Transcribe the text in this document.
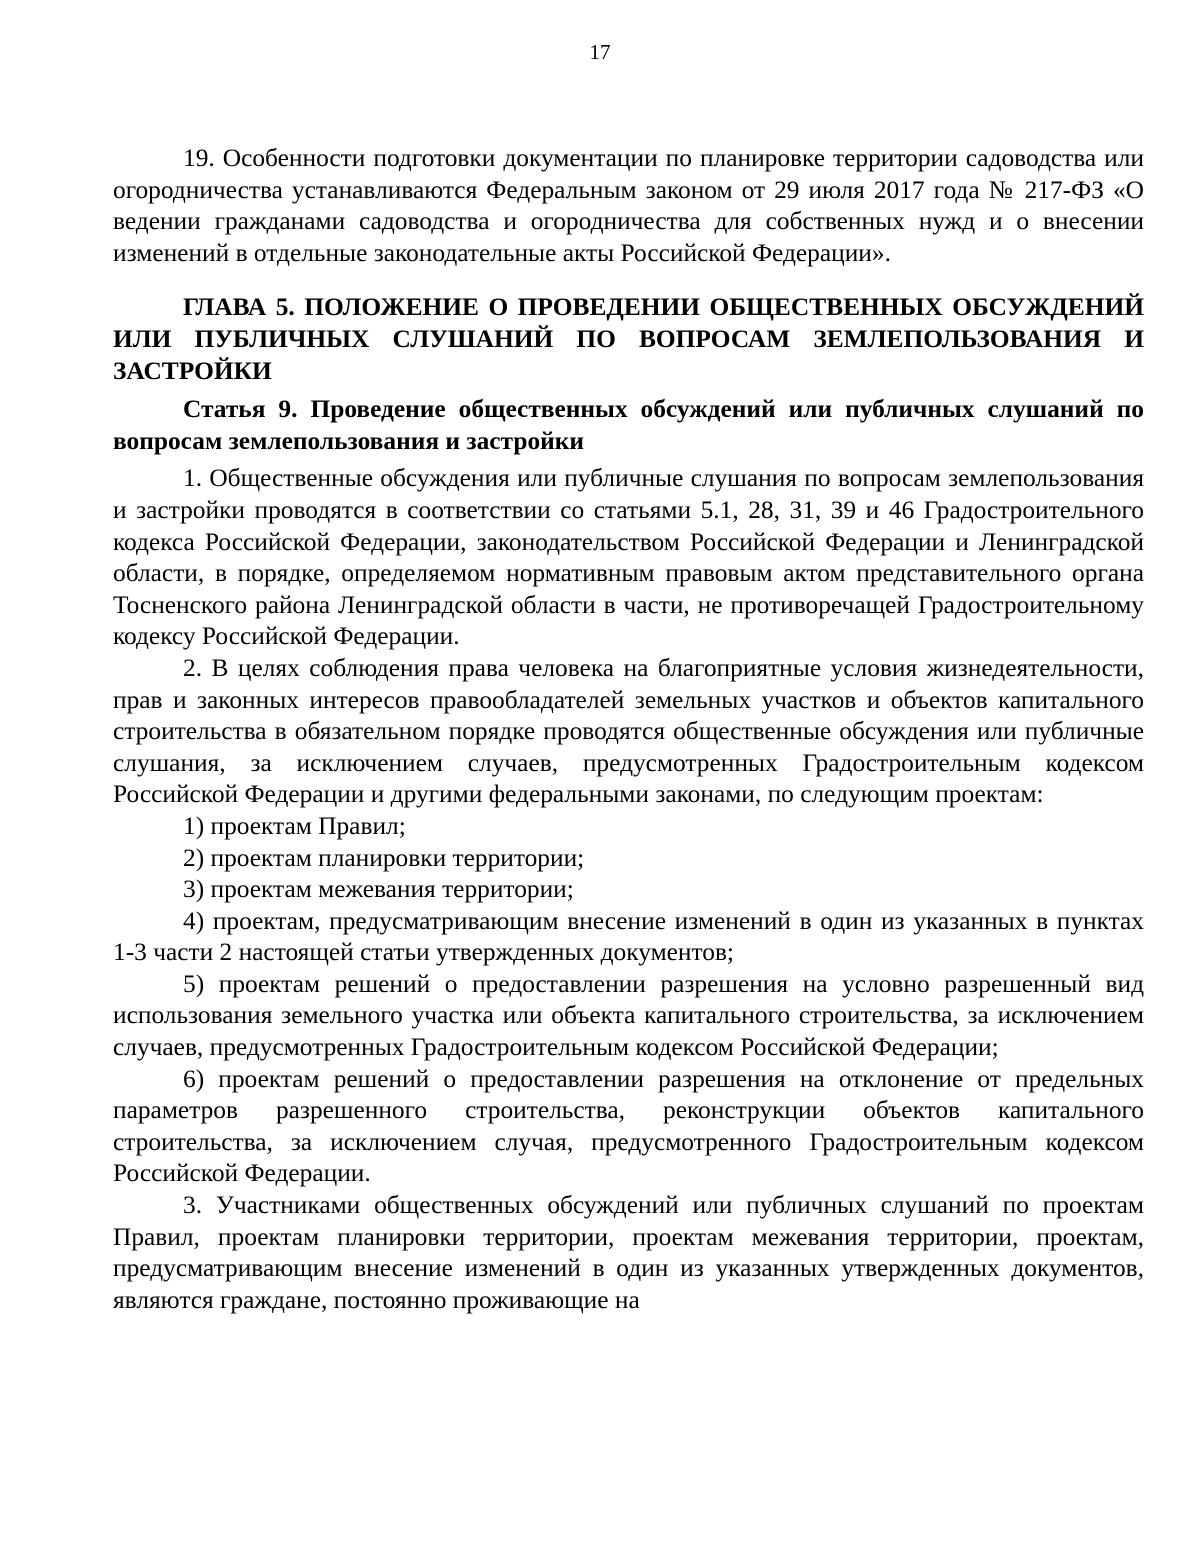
17

19. Особенности подготовки документации по планировке территории садоводства или огородничества устанавливаются Федеральным законом от 29 июля 2017 года № 217-ФЗ «О ведении гражданами садоводства и огородничества для собственных нужд и о внесении изменений в отдельные законодательные акты Российской Федерации».

ГЛАВА 5. ПОЛОЖЕНИЕ О ПРОВЕДЕНИИ ОБЩЕСТВЕННЫХ ОБСУЖДЕНИЙ ИЛИ ПУБЛИЧНЫХ СЛУШАНИЙ ПО ВОПРОСАМ ЗЕМЛЕПОЛЬЗОВАНИЯ И ЗАСТРОЙКИ
Статья 9. Проведение общественных обсуждений или публичных слушаний по вопросам землепользования и застройки

1. Общественные обсуждения или публичные слушания по вопросам землепользования и застройки проводятся в соответствии со статьями 5.1, 28, 31, 39 и 46 Градостроительного кодекса Российской Федерации, законодательством Российской Федерации и Ленинградской области, в порядке, определяемом нормативным правовым актом представительного органа Тосненского района Ленинградской области в части, не противоречащей Градостроительному кодексу Российской Федерации.

2. В целях соблюдения права человека на благоприятные условия жизнедеятельности, прав и законных интересов правообладателей земельных участков и объектов капитального строительства в обязательном порядке проводятся общественные обсуждения или публичные слушания, за исключением случаев, предусмотренных Градостроительным кодексом Российской Федерации и другими федеральными законами, по следующим проектам:

1) проектам Правил;

2) проектам планировки территории;

3) проектам межевания территории;

4) проектам, предусматривающим внесение изменений в один из указанных в пунктах 1-3 части 2 настоящей статьи утвержденных документов;

5) проектам решений о предоставлении разрешения на условно разрешенный вид использования земельного участка или объекта капитального строительства, за исключением случаев, предусмотренных Градостроительным кодексом Российской Федерации;

6) проектам решений о предоставлении разрешения на отклонение от предельных параметров разрешенного строительства, реконструкции объектов капитального строительства, за исключением случая, предусмотренного Градостроительным кодексом Российской Федерации.

3. Участниками общественных обсуждений или публичных слушаний по проектам Правил, проектам планировки территории, проектам межевания территории, проектам, предусматривающим внесение изменений в один из указанных утвержденных документов, являются граждане, постоянно проживающие на
